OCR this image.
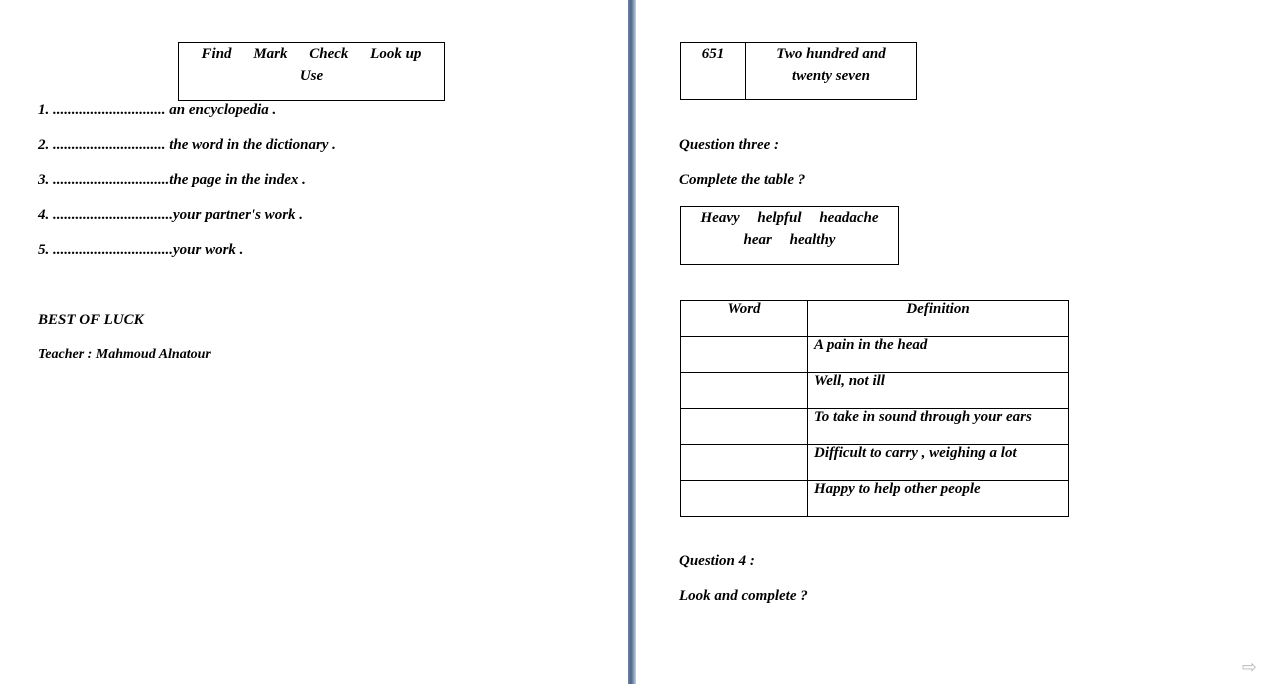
Find Mark Check Look up
Use
1. .............................. an encyclopedia .
2. .............................. the word in the dictionary .
3. ...............................the page in the index .
4. ................................your partner's work .
5. ................................your work .
BEST OF LUCK
Teacher : Mahmoud Alnatour
651	Two hundred and twenty seven
Question three :
Complete the table ?
Heavy helpful headache
hear healthy
Word	Definition
	A pain in the head
	Well, not ill
	To take in sound through your ears
	Difficult to carry , weighing a lot
	Happy to help other people
Question 4 :
Look and complete ?
⇨
